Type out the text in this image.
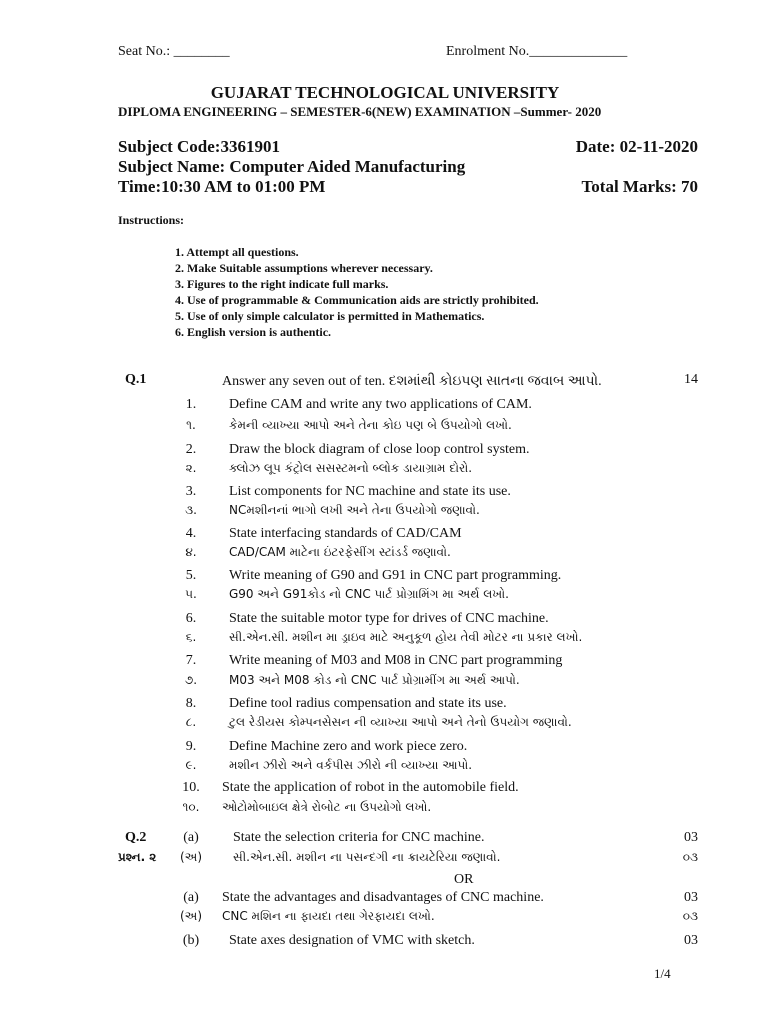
Seat No.: ________	Enrolment No.______________
GUJARAT TECHNOLOGICAL UNIVERSITY
DIPLOMA ENGINEERING – SEMESTER-6(NEW) EXAMINATION –Summer- 2020
Subject Code:3361901	Date: 02-11-2020
Subject Name: Computer Aided Manufacturing
Time:10:30 AM to 01:00 PM	Total Marks: 70
Instructions:
1. Attempt all questions.
2. Make Suitable assumptions wherever necessary.
3. Figures to the right indicate full marks.
4. Use of programmable & Communication aids are strictly prohibited.
5. Use of only simple calculator is permitted in Mathematics.
6. English version is authentic.
Q.1	Answer any seven out of ten. દશમાંથી કોઇપણ સાતના જવાબ આપો.	14
1.	Define CAM and write any two applications of CAM.
૧.	કેમની વ્યાખ્યા આપો અને તેના કોઇ પણ બે ઉપયોગો લખો.
2.	Draw the block diagram of close loop control system.
૨.	ક્લોઝ લૂપ કંટ્રોલ સસસ્ટમનો બ્લોક ડાયાગ્રામ દોરો.
3.	List components for NC machine and state its use.
૩.	NCમશીનનાં ભાગો લખી અને તેના ઉપયોગો જણાવો.
4.	State interfacing standards of CAD/CAM
૪.	CAD/CAM માટેના ઇંટરફેસીંગ સ્ટાંડર્ડ જણાવો.
5.	Write meaning of G90 and G91 in CNC part programming.
૫.	G90 અને G91કોડ નો CNC પાર્ટ પ્રોગ્રામિંગ મા અર્થ લખો.
6.	State the suitable motor type for drives of CNC machine.
૬.	સી.એન.સી. મશીન મા ડ્રાઇવ માટે અનુકૂળ હોય તેવી મોટર ના પ્રકાર લખો.
7.	Write meaning of M03 and M08 in CNC part programming
૭.	M03 અને M08 કોડ નો CNC પાર્ટ પ્રોગ્રામીંગ મા અર્થ આપો.
8.	Define tool radius compensation and state its use.
૮.	ટુલ રેડીયસ કોમ્પનસેસન ની વ્યાખ્યા આપો અને તેનો ઉપયોગ જણાવો.
9.	Define Machine zero and work piece zero.
૯.	મશીન ઝીરો અને વર્કપીસ ઝીરો ની વ્યાખ્યા આપો.
10.	State the application of robot in the automobile field.
૧૦.	ઓટોમોબાઇલ ક્ષેત્રે રોબોટ ના ઉપયોગો લખો.
Q.2
પ્રશ્ન. ૨
(a)	State the selection criteria for CNC machine.	03
(અ)	સી.એન.સી. મશીન ના પસન્દગી ના ક્રાયટેરિયા જણાવો.	૦૩
OR
(a)	State the advantages and disadvantages of CNC machine.	03
(અ)	CNC મશિન ના ફાયદા તથા ગેરફાયદા લખો.	૦૩
(b)	State axes designation of VMC with sketch.	03
1/4
